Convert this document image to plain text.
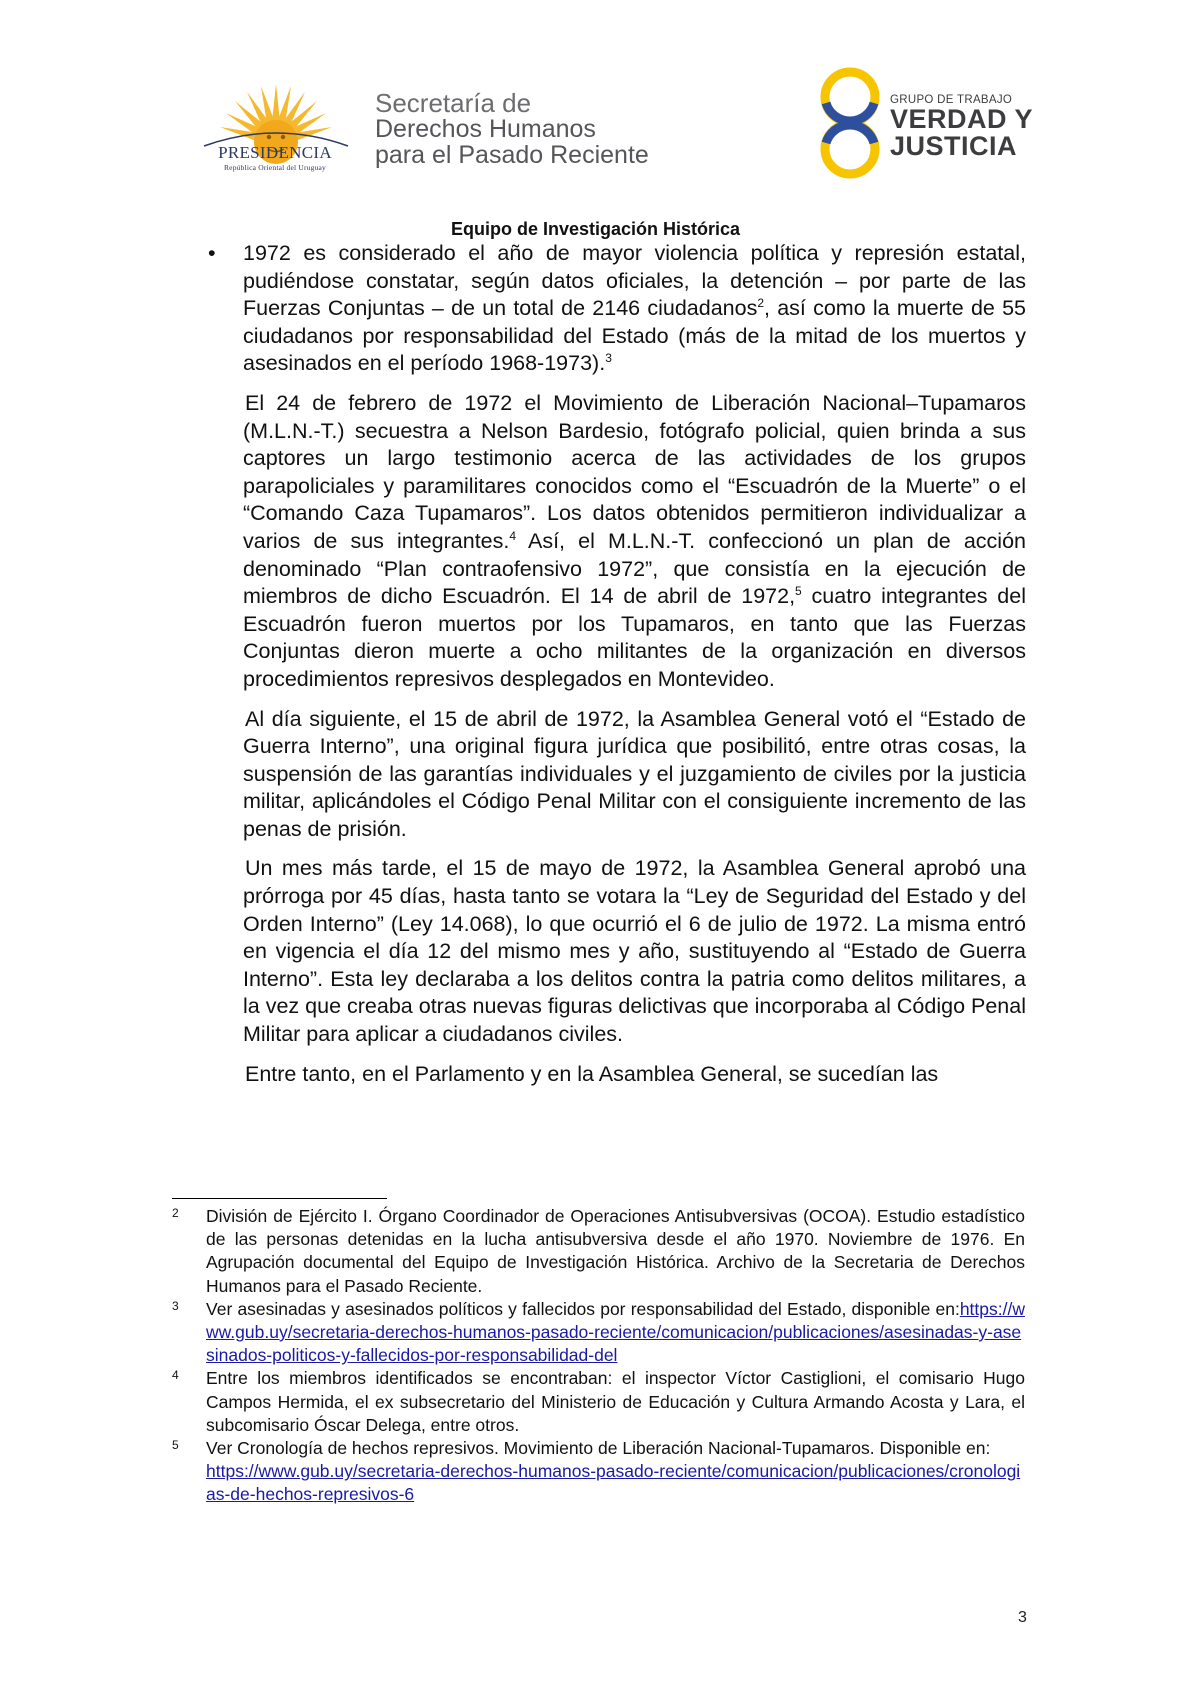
PRESIDENCIA
República Oriental del Uruguay
Secretaría de
Derechos Humanos
para el Pasado Reciente
GRUPO DE TRABAJO
VERDAD Y
JUSTICIA
Equipo de Investigación Histórica

• 1972 es considerado el año de mayor violencia política y represión estatal, pudiéndose constatar, según datos oficiales, la detención – por parte de las Fuerzas Conjuntas – de un total de 2146 ciudadanos$^2$, así como la muerte de 55 ciudadanos por responsabilidad del Estado (más de la mitad de los muertos y asesinados en el período 1968-1973).$^3$

El 24 de febrero de 1972 el Movimiento de Liberación Nacional–Tupamaros (M.L.N.-T.) secuestra a Nelson Bardesio, fotógrafo policial, quien brinda a sus captores un largo testimonio acerca de las actividades de los grupos parapoliciales y paramilitares conocidos como el “Escuadrón de la Muerte” o el “Comando Caza Tupamaros”. Los datos obtenidos permitieron individualizar a varios de sus integrantes.$^4$ Así, el M.L.N.-T. confeccionó un plan de acción denominado “Plan contraofensivo 1972”, que consistía en la ejecución de miembros de dicho Escuadrón. El 14 de abril de 1972,$^5$ cuatro integrantes del Escuadrón fueron muertos por los Tupamaros, en tanto que las Fuerzas Conjuntas dieron muerte a ocho militantes de la organización en diversos procedimientos represivos desplegados en Montevideo.

Al día siguiente, el 15 de abril de 1972, la Asamblea General votó el “Estado de Guerra Interno”, una original figura jurídica que posibilitó, entre otras cosas, la suspensión de las garantías individuales y el juzgamiento de civiles por la justicia militar, aplicándoles el Código Penal Militar con el consiguiente incremento de las penas de prisión.

Un mes más tarde, el 15 de mayo de 1972, la Asamblea General aprobó una prórroga por 45 días, hasta tanto se votara la “Ley de Seguridad del Estado y del Orden Interno” (Ley 14.068), lo que ocurrió el 6 de julio de 1972. La misma entró en vigencia el día 12 del mismo mes y año, sustituyendo al “Estado de Guerra Interno”. Esta ley declaraba a los delitos contra la patria como delitos militares, a la vez que creaba otras nuevas figuras delictivas que incorporaba al Código Penal Militar para aplicar a ciudadanos civiles.

Entre tanto, en el Parlamento y en la Asamblea General, se sucedían las

2 División de Ejército I. Órgano Coordinador de Operaciones Antisubversivas (OCOA). Estudio estadístico de las personas detenidas en la lucha antisubversiva desde el año 1970. Noviembre de 1976. En Agrupación documental del Equipo de Investigación Histórica. Archivo de la Secretaria de Derechos Humanos para el Pasado Reciente.

3 Ver asesinadas y asesinados políticos y fallecidos por responsabilidad del Estado, disponible en:https://www.gub.uy/secretaria-derechos-humanos-pasado-reciente/comunicacion/publicaciones/asesinadas-y-asesinados-politicos-y-fallecidos-por-responsabilidad-del

4 Entre los miembros identificados se encontraban: el inspector Víctor Castiglioni, el comisario Hugo Campos Hermida, el ex subsecretario del Ministerio de Educación y Cultura Armando Acosta y Lara, el subcomisario Óscar Delega, entre otros.

5 Ver Cronología de hechos represivos. Movimiento de Liberación Nacional-Tupamaros. Disponible en:
https://www.gub.uy/secretaria-derechos-humanos-pasado-reciente/comunicacion/publicaciones/cronologias-de-hechos-represivos-6

3
